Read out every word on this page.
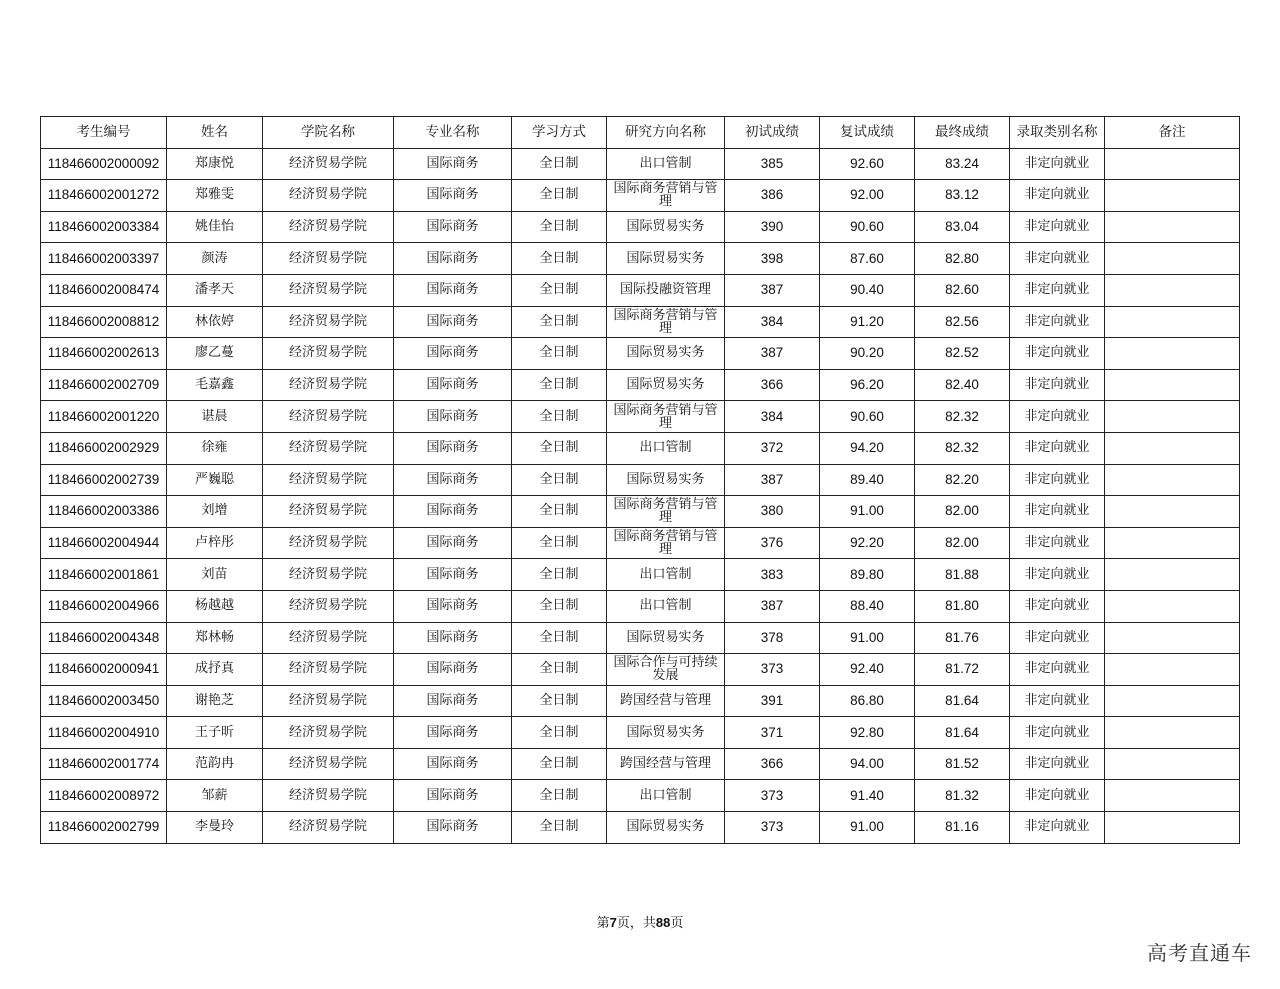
考生编号	姓名	学院名称	专业名称	学习方式	研究方向名称	初试成绩	复试成绩	最终成绩	录取类别名称	备注
118466002000092	郑康悦	经济贸易学院	国际商务	全日制	出口管制	385	92.60	83.24	非定向就业	
118466002001272	郑雅雯	经济贸易学院	国际商务	全日制	国际商务营销与管理	386	92.00	83.12	非定向就业	
118466002003384	姚佳怡	经济贸易学院	国际商务	全日制	国际贸易实务	390	90.60	83.04	非定向就业	
118466002003397	颜涛	经济贸易学院	国际商务	全日制	国际贸易实务	398	87.60	82.80	非定向就业	
118466002008474	潘孝天	经济贸易学院	国际商务	全日制	国际投融资管理	387	90.40	82.60	非定向就业	
118466002008812	林依婷	经济贸易学院	国际商务	全日制	国际商务营销与管理	384	91.20	82.56	非定向就业	
118466002002613	廖乙蔓	经济贸易学院	国际商务	全日制	国际贸易实务	387	90.20	82.52	非定向就业	
118466002002709	毛嘉鑫	经济贸易学院	国际商务	全日制	国际贸易实务	366	96.20	82.40	非定向就业	
118466002001220	谌晨	经济贸易学院	国际商务	全日制	国际商务营销与管理	384	90.60	82.32	非定向就业	
118466002002929	徐雍	经济贸易学院	国际商务	全日制	出口管制	372	94.20	82.32	非定向就业	
118466002002739	严巍聪	经济贸易学院	国际商务	全日制	国际贸易实务	387	89.40	82.20	非定向就业	
118466002003386	刘增	经济贸易学院	国际商务	全日制	国际商务营销与管理	380	91.00	82.00	非定向就业	
118466002004944	卢梓彤	经济贸易学院	国际商务	全日制	国际商务营销与管理	376	92.20	82.00	非定向就业	
118466002001861	刘苗	经济贸易学院	国际商务	全日制	出口管制	383	89.80	81.88	非定向就业	
118466002004966	杨越越	经济贸易学院	国际商务	全日制	出口管制	387	88.40	81.80	非定向就业	
118466002004348	郑林畅	经济贸易学院	国际商务	全日制	国际贸易实务	378	91.00	81.76	非定向就业	
118466002000941	成抒真	经济贸易学院	国际商务	全日制	国际合作与可持续发展	373	92.40	81.72	非定向就业	
118466002003450	谢艳芝	经济贸易学院	国际商务	全日制	跨国经营与管理	391	86.80	81.64	非定向就业	
118466002004910	王子昕	经济贸易学院	国际商务	全日制	国际贸易实务	371	92.80	81.64	非定向就业	
118466002001774	范韵冉	经济贸易学院	国际商务	全日制	跨国经营与管理	366	94.00	81.52	非定向就业	
118466002008972	邹薪	经济贸易学院	国际商务	全日制	出口管制	373	91.40	81.32	非定向就业	
118466002002799	李曼玲	经济贸易学院	国际商务	全日制	国际贸易实务	373	91.00	81.16	非定向就业	
第7页，共88页
高考直通车
